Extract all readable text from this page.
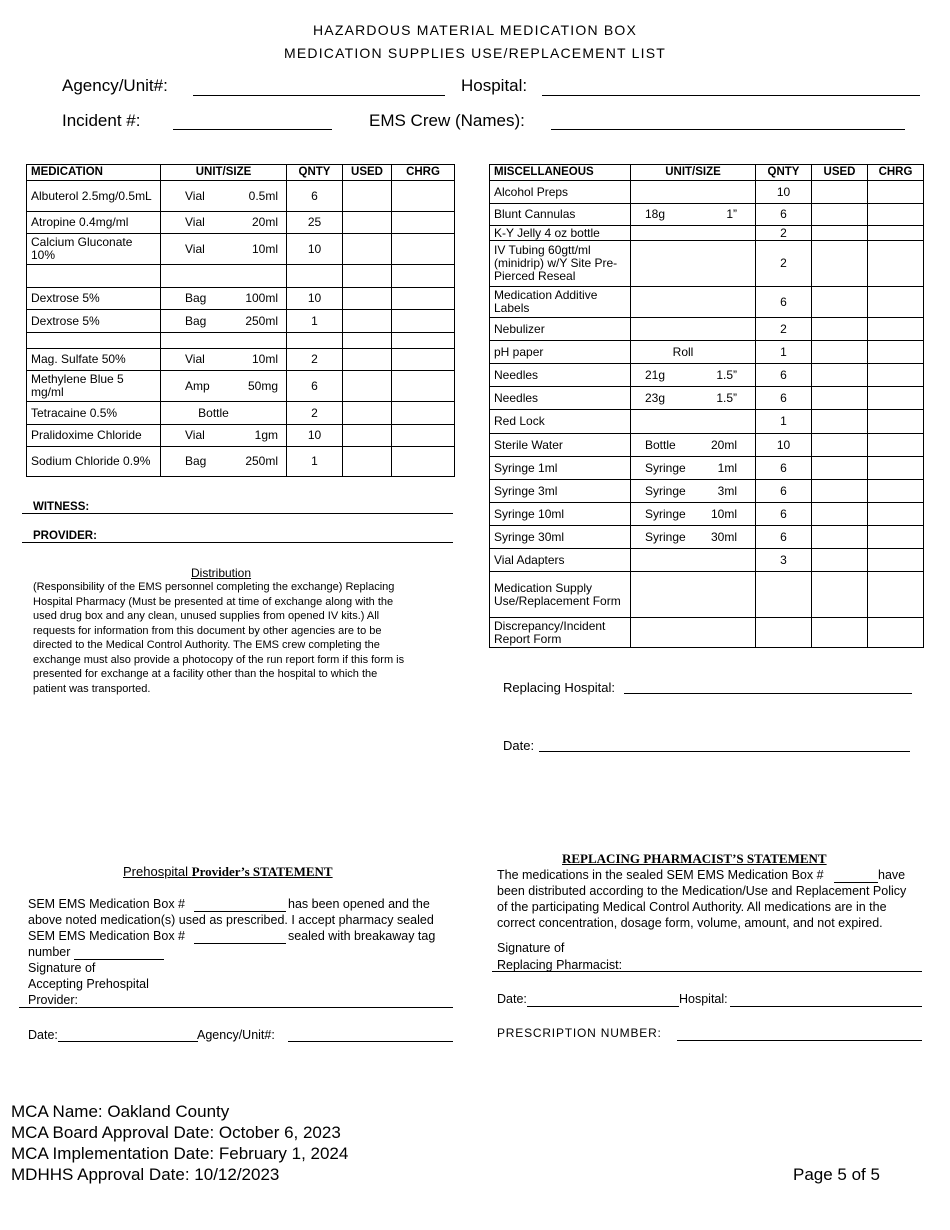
HAZARDOUS MATERIAL MEDICATION BOX
MEDICATION SUPPLIES USE/REPLACEMENT LIST
Agency/Unit#:	Hospital:
Incident #:	EMS Crew (Names):
MEDICATION	UNIT/SIZE	QNTY	USED	CHRG
Albuterol 2.5mg/0.5mL	Vial 0.5ml	6		
Atropine 0.4mg/ml	Vial 20ml	25		
Calcium Gluconate 10%	Vial 10ml	10		

Dextrose 5%	Bag 100ml	10		
Dextrose 5%	Bag 250ml	1		

Mag. Sulfate 50%	Vial 10ml	2		
Methylene Blue 5 mg/ml	Amp 50mg	6		
Tetracaine 0.5%	Bottle	2		
Pralidoxime Chloride	Vial 1gm	10		
Sodium Chloride 0.9%	Bag 250ml	1		
MISCELLANEOUS	UNIT/SIZE	QNTY	USED	CHRG
Alcohol Preps		10		
Blunt Cannulas	18g 1”	6		
K-Y Jelly 4 oz bottle		2		
IV Tubing 60gtt/ml (minidrip) w/Y Site Pre-Pierced Reseal		2		
Medication Additive Labels		6		
Nebulizer		2		
pH paper	Roll	1		
Needles	21g 1.5”	6		
Needles	23g 1.5”	6		
Red Lock		1		
Sterile Water	Bottle 20ml	10		
Syringe 1ml	Syringe 1ml	6		
Syringe 3ml	Syringe 3ml	6		
Syringe 10ml	Syringe 10ml	6		
Syringe 30ml	Syringe 30ml	6		
Vial Adapters		3		
Medication Supply Use/Replacement Form	

Discrepancy/Incident Report Form	

WITNESS:
PROVIDER:
Distribution
(Responsibility of the EMS personnel completing the exchange) Replacing Hospital Pharmacy (Must be presented at time of exchange along with the used drug box and any clean, unused supplies from opened IV kits.) All requests for information from this document by other agencies are to be directed to the Medical Control Authority. The EMS crew completing the exchange must also provide a photocopy of the run report form if this form is presented for exchange at a facility other than the hospital to which the patient was transported.	Replacing Hospital:
Date:
Prehospital Provider’s STATEMENT
SEM EMS Medication Box #	has been opened and the
above noted medication(s) used as prescribed. I accept pharmacy sealed
SEM EMS Medication Box #	sealed with breakaway tag
number
Signature of
Accepting Prehospital
Provider:
Date:	Agency/Unit#:
REPLACING PHARMACIST’S STATEMENT
The medications in the sealed SEM EMS Medication Box #	have
been distributed according to the Medication/Use and Replacement Policy
of the participating Medical Control Authority. All medications are in the
correct concentration, dosage form, volume, amount, and not expired.
Signature of
Replacing Pharmacist:
Date:	Hospital:
PRESCRIPTION NUMBER:
MCA Name: Oakland County
MCA Board Approval Date: October 6, 2023
MCA Implementation Date: February 1, 2024
MDHHS Approval Date: 10/12/2023	Page 5 of 5
